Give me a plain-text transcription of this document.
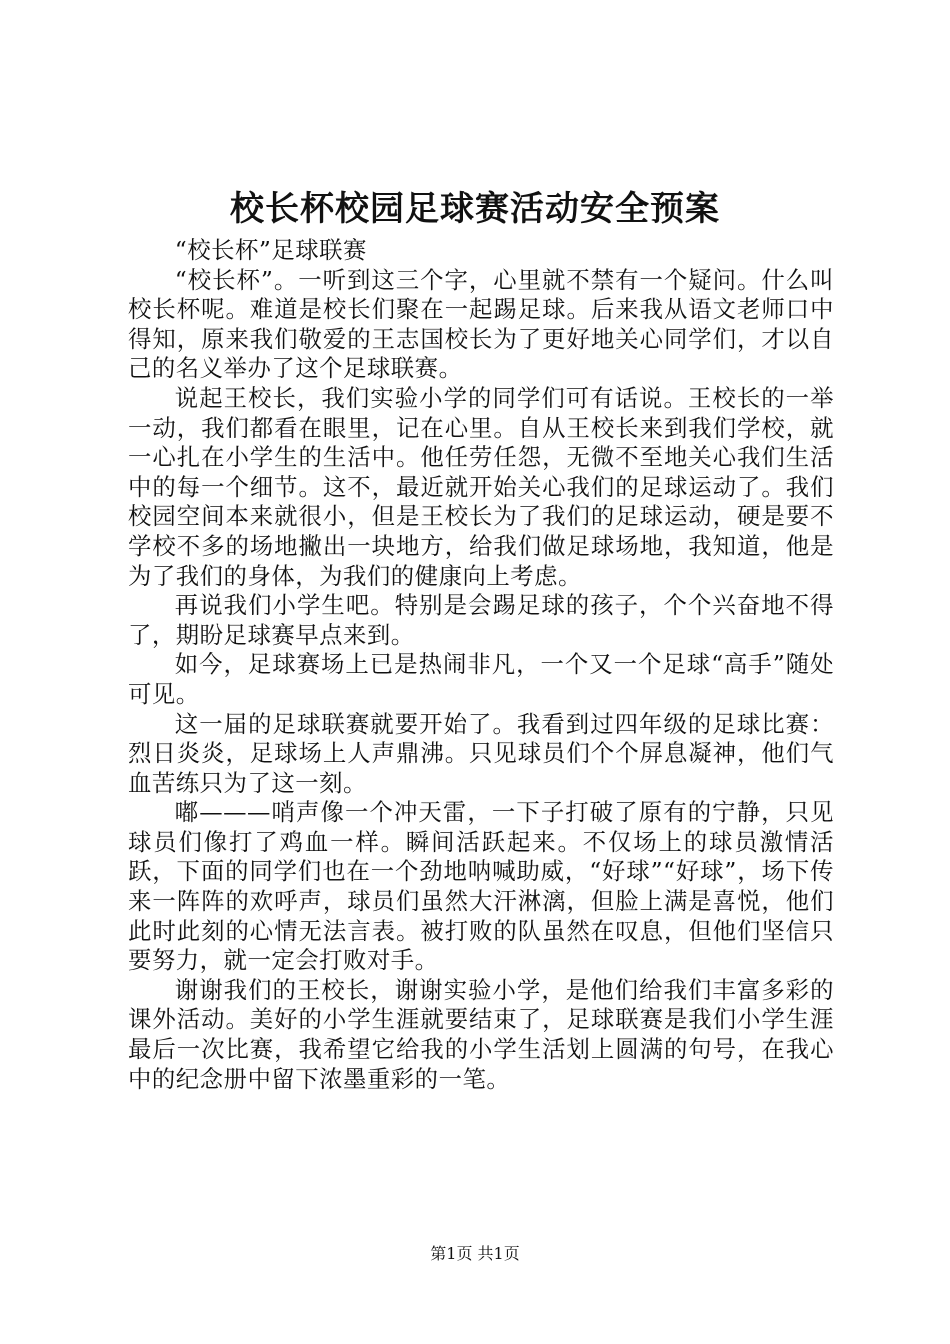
校长杯校园足球赛活动安全预案

“校长杯”足球联赛

“校长杯”。一听到这三个字，心里就不禁有一个疑问。什么叫校长杯呢。难道是校长们聚在一起踢足球。后来我从语文老师口中得知，原来我们敬爱的王志国校长为了更好地关心同学们，才以自己的名义举办了这个足球联赛。

说起王校长，我们实验小学的同学们可有话说。王校长的一举一动，我们都看在眼里，记在心里。自从王校长来到我们学校，就一心扎在小学生的生活中。他任劳任怨，无微不至地关心我们生活中的每一个细节。这不，最近就开始关心我们的足球运动了。我们校园空间本来就很小，但是王校长为了我们的足球运动，硬是要不学校不多的场地撇出一块地方，给我们做足球场地，我知道，他是为了我们的身体，为我们的健康向上考虑。

再说我们小学生吧。特别是会踢足球的孩子，个个兴奋地不得了，期盼足球赛早点来到。

如今，足球赛场上已是热闹非凡，一个又一个足球“高手”随处可见。

这一届的足球联赛就要开始了。我看到过四年级的足球比赛：烈日炎炎，足球场上人声鼎沸。只见球员们个个屏息凝神，他们气血苦练只为了这一刻。

嘟———哨声像一个冲天雷，一下子打破了原有的宁静，只见球员们像打了鸡血一样。瞬间活跃起来。不仅场上的球员激情活跃，下面的同学们也在一个劲地呐喊助威，“好球”“好球”，场下传来一阵阵的欢呼声，球员们虽然大汗淋漓，但脸上满是喜悦，他们此时此刻的心情无法言表。被打败的队虽然在叹息，但他们坚信只要努力，就一定会打败对手。

谢谢我们的王校长，谢谢实验小学，是他们给我们丰富多彩的课外活动。美好的小学生涯就要结束了，足球联赛是我们小学生涯最后一次比赛，我希望它给我的小学生活划上圆满的句号，在我心中的纪念册中留下浓墨重彩的一笔。

第1页 共1页
